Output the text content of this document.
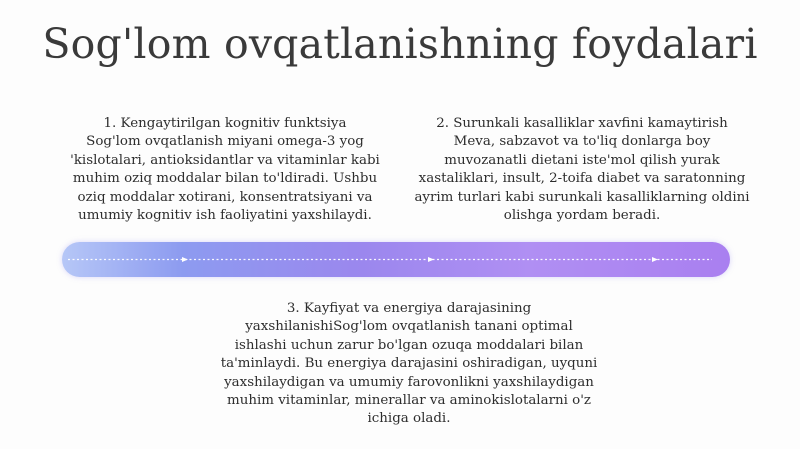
Sog'lom ovqatlanishning foydalari

1. Kengaytirilgan kognitiv funktsiya

Sog'lom ovqatlanish miyani omega-3 yog 'kislotalari, antioksidantlar va vitaminlar kabi muhim oziq moddalar bilan to'ldiradi. Ushbu oziq moddalar xotirani, konsentratsiyani va umumiy kognitiv ish faoliyatini yaxshilaydi.

2. Surunkali kasalliklar xavfini kamaytirish

Meva, sabzavot va to'liq donlarga boy muvozanatli dietani iste'mol qilish yurak xastaliklari, insult, 2-toifa diabet va saratonning ayrim turlari kabi surunkali kasalliklarning oldini olishga yordam beradi.

3. Kayfiyat va energiya darajasining yaxshilanishiSog'lom ovqatlanish tanani optimal ishlashi uchun zarur bo'lgan ozuqa moddalari bilan ta'minlaydi. Bu energiya darajasini oshiradigan, uyquni yaxshilaydigan va umumiy farovonlikni yaxshilaydigan muhim vitaminlar, minerallar va aminokislotalarni o'z ichiga oladi.
